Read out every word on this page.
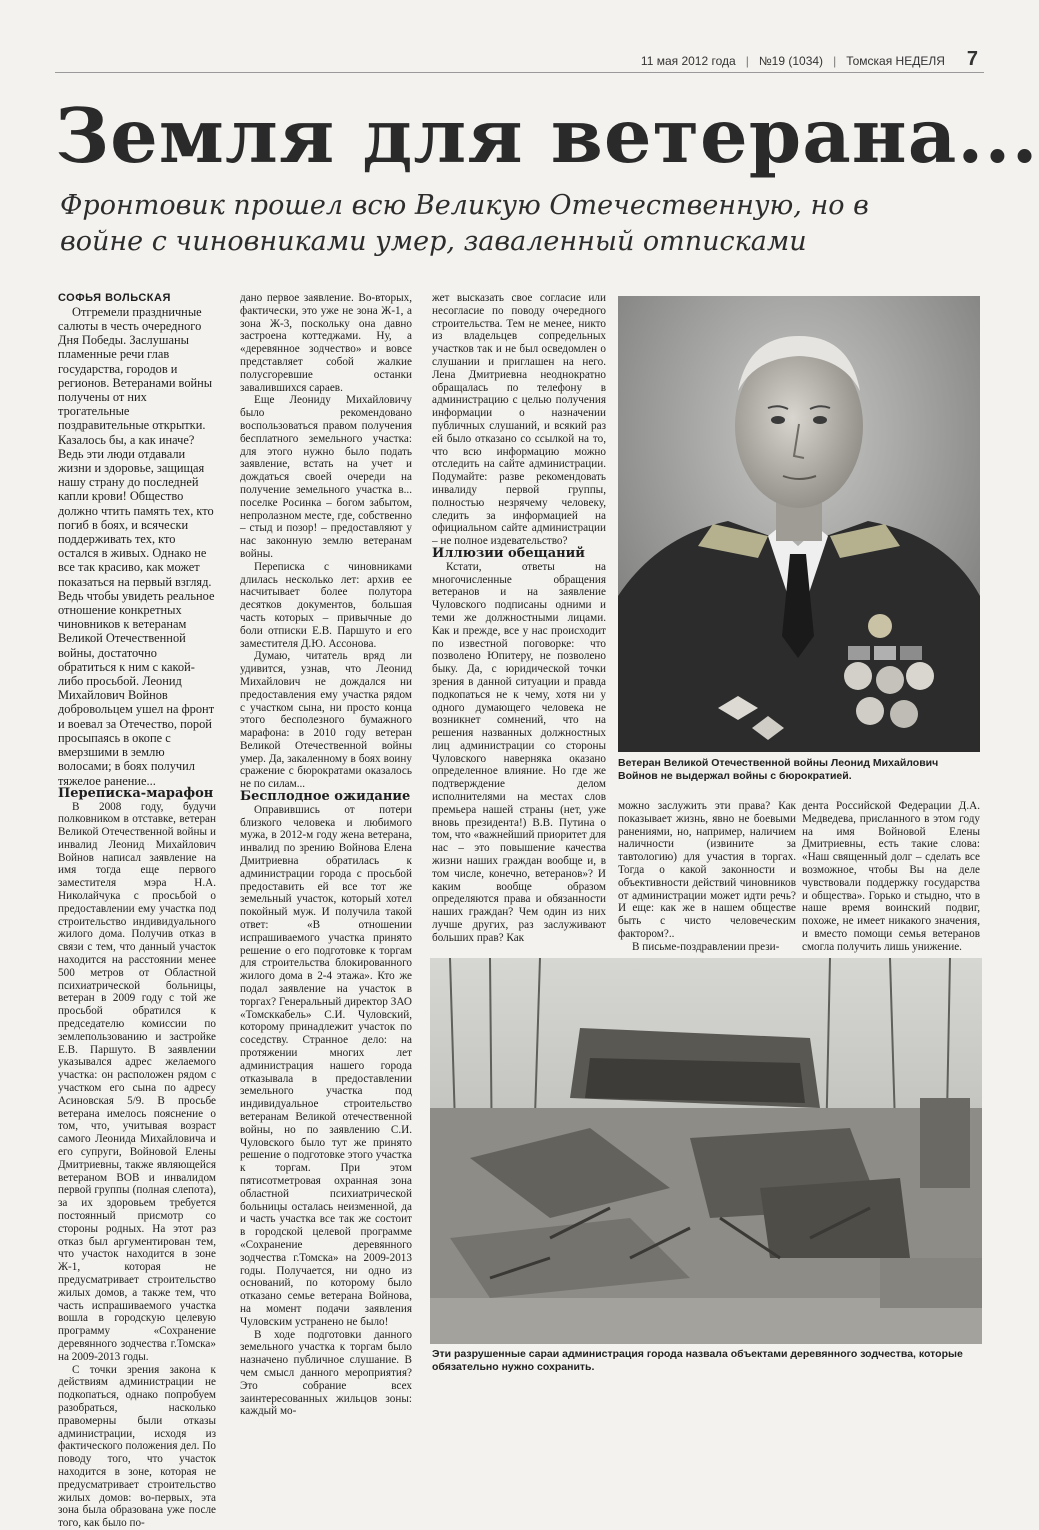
11 мая 2012 года | №19 (1034) | Томская НЕДЕЛЯ 7
Земля для ветерана...
Фронтовик прошел всю Великую Отечественную, но в войне с чиновниками умер, заваленный отписками

СОФЬЯ ВОЛЬСКАЯ

Отгремели праздничные салюты в честь очередного Дня Победы. Заслушаны пламенные речи глав государства, городов и регионов. Ветеранами войны получены от них трогательные поздравительные открытки. Казалось бы, а как иначе? Ведь эти люди отдавали жизни и здоровье, защищая нашу страну до последней капли крови! Общество должно чтить память тех, кто погиб в боях, и всячески поддерживать тех, кто остался в живых. Однако не все так красиво, как может показаться на первый взгляд. Ведь чтобы увидеть реальное отношение конкретных чиновников к ветеранам Великой Отечественной войны, достаточно обратиться к ним с какой-либо просьбой. Леонид Михайлович Войнов добровольцем ушел на фронт и воевал за Отечество, порой просыпаясь в окопе с вмерзшими в землю волосами; в боях получил тяжелое ранение...

Переписка-марафон

В 2008 году, будучи полковником в отставке, ветеран Великой Отечественной войны и инвалид Леонид Михайлович Войнов написал заявление на имя тогда еще первого заместителя мэра Н.А. Николайчука с просьбой о предоставлении ему участка под строительство индивидуального жилого дома. Получив отказ в связи с тем, что данный участок находится на расстоянии менее 500 метров от Областной психиатрической больницы, ветеран в 2009 году с той же просьбой обратился к председателю комиссии по землепользованию и застройке Е.В. Паршуто. В заявлении указывался адрес желаемого участка: он расположен рядом с участком его сына по адресу Асиновская 5/9. В просьбе ветерана имелось пояснение о том, что, учитывая возраст самого Леонида Михайловича и его супруги, Войновой Елены Дмитриевны, также являющейся ветераном ВОВ и инвалидом первой группы (полная слепота), за их здоровьем требуется постоянный присмотр со стороны родных. На этот раз отказ был аргументирован тем, что участок находится в зоне Ж-1, которая не предусматривает строительство жилых домов, а также тем, что часть испрашиваемого участка вошла в городскую целевую программу «Сохранение деревянного зодчества г.Томска» на 2009-2013 годы.

С точки зрения закона к действиям администрации не подкопаться, однако попробуем разобраться, насколько правомерны были отказы администрации, исходя из фактического положения дел. По поводу того, что участок находится в зоне, которая не предусматривает строительство жилых домов: во-первых, эта зона была образована уже после того, как было по-

дано первое заявление. Во-вторых, фактически, это уже не зона Ж-1, а зона Ж-3, поскольку она давно застроена коттеджами. Ну, а «деревянное зодчество» и вовсе представляет собой жалкие полусгоревшие останки завалившихся сараев.

Еще Леониду Михайловичу было рекомендовано воспользоваться правом получения бесплатного земельного участка: для этого нужно было подать заявление, встать на учет и дождаться своей очереди на получение земельного участка в... поселке Росинка – богом забытом, непролазном месте, где, собственно – стыд и позор! – предоставляют у нас законную землю ветеранам войны.

Переписка с чиновниками длилась несколько лет: архив ее насчитывает более полутора десятков документов, большая часть которых – привычные до боли отписки Е.В. Паршуто и его заместителя Д.Ю. Ассонова.

Думаю, читатель вряд ли удивится, узнав, что Леонид Михайлович не дождался ни предоставления ему участка рядом с участком сына, ни просто конца этого бесполезного бумажного марафона: в 2010 году ветеран Великой Отечественной войны умер. Да, закаленному в боях воину сражение с бюрократами оказалось не по силам...

Бесплодное ожидание

Оправившись от потери близкого человека и любимого мужа, в 2012-м году жена ветерана, инвалид по зрению Войнова Елена Дмитриевна обратилась к администрации города с просьбой предоставить ей все тот же земельный участок, который хотел покойный муж. И получила такой ответ: «В отношении испрашиваемого участка принято решение о его подготовке к торгам для строительства блокированного жилого дома в 2-4 этажа». Кто же подал заявление на участок в торгах? Генеральный директор ЗАО «Томсккабель» С.И. Чуловский, которому принадлежит участок по соседству. Странное дело: на протяжении многих лет администрация нашего города отказывала в предоставлении земельного участка под индивидуальное строительство ветеранам Великой отечественной войны, но по заявлению С.И. Чуловского было тут же принято решение о подготовке этого участка к торгам. При этом пятисотметровая охранная зона областной психиатрической больницы осталась неизменной, да и часть участка все так же состоит в городской целевой программе «Сохранение деревянного зодчества г.Томска» на 2009-2013 годы. Получается, ни одно из оснований, по которому было отказано семье ветерана Войнова, на момент подачи заявления Чуловским устранено не было!

В ходе подготовки данного земельного участка к торгам было назначено публичное слушание. В чем смысл данного мероприятия? Это собрание всех заинтересованных жильцов зоны: каждый мо-

жет высказать свое согласие или несогласие по поводу очередного строительства. Тем не менее, никто из владельцев сопредельных участков так и не был осведомлен о слушании и приглашен на него. Лена Дмитриевна неоднократно обращалась по телефону в администрацию с целью получения информации о назначении публичных слушаний, и всякий раз ей было отказано со ссылкой на то, что всю информацию можно отследить на сайте администрации. Подумайте: разве рекомендовать инвалиду первой группы, полностью незрячему человеку, следить за информацией на официальном сайте администрации – не полное издевательство?

Иллюзии обещаний

Кстати, ответы на многочисленные обращения ветеранов и на заявление Чуловского подписаны одними и теми же должностными лицами. Как и прежде, все у нас происходит по известной поговорке: что позволено Юпитеру, не позволено быку. Да, с юридической точки зрения в данной ситуации и правда подкопаться не к чему, хотя ни у одного думающего человека не возникнет сомнений, что на решения названных должностных лиц администрации со стороны Чуловского наверняка оказано определенное влияние. Но где же подтверждение делом исполнителями на местах слов премьера нашей страны (нет, уже вновь президента!) В.В. Путина о том, что «важнейший приоритет для нас – это повышение качества жизни наших граждан вообще и, в том числе, конечно, ветеранов»? И каким вообще образом определяются права и обязанности наших граждан? Чем один из них лучше других, раз заслуживают больших прав? Как

Ветеран Великой Отечественной войны Леонид Михайлович Войнов не выдержал войны с бюрократией.

можно заслужить эти права? Как показывает жизнь, явно не боевыми ранениями, но, например, наличием наличности (извините за тавтологию) для участия в торгах. Тогда о какой законности и объективности действий чиновников от администрации может идти речь? И еще: как же в нашем обществе быть с чисто человеческим фактором?..

В письме-поздравлении прези-

дента Российской Федерации Д.А. Медведева, присланного в этом году на имя Войновой Елены Дмитриевны, есть такие слова: «Наш священный долг – сделать все возможное, чтобы Вы на деле чувствовали поддержку государства и общества». Горько и стыдно, что в наше время воинский подвиг, похоже, не имеет никакого значения, и вместо помощи семья ветеранов смогла получить лишь унижение.

Эти разрушенные сараи администрация города назвала объектами деревянного зодчества, которые обязательно нужно сохранить.
